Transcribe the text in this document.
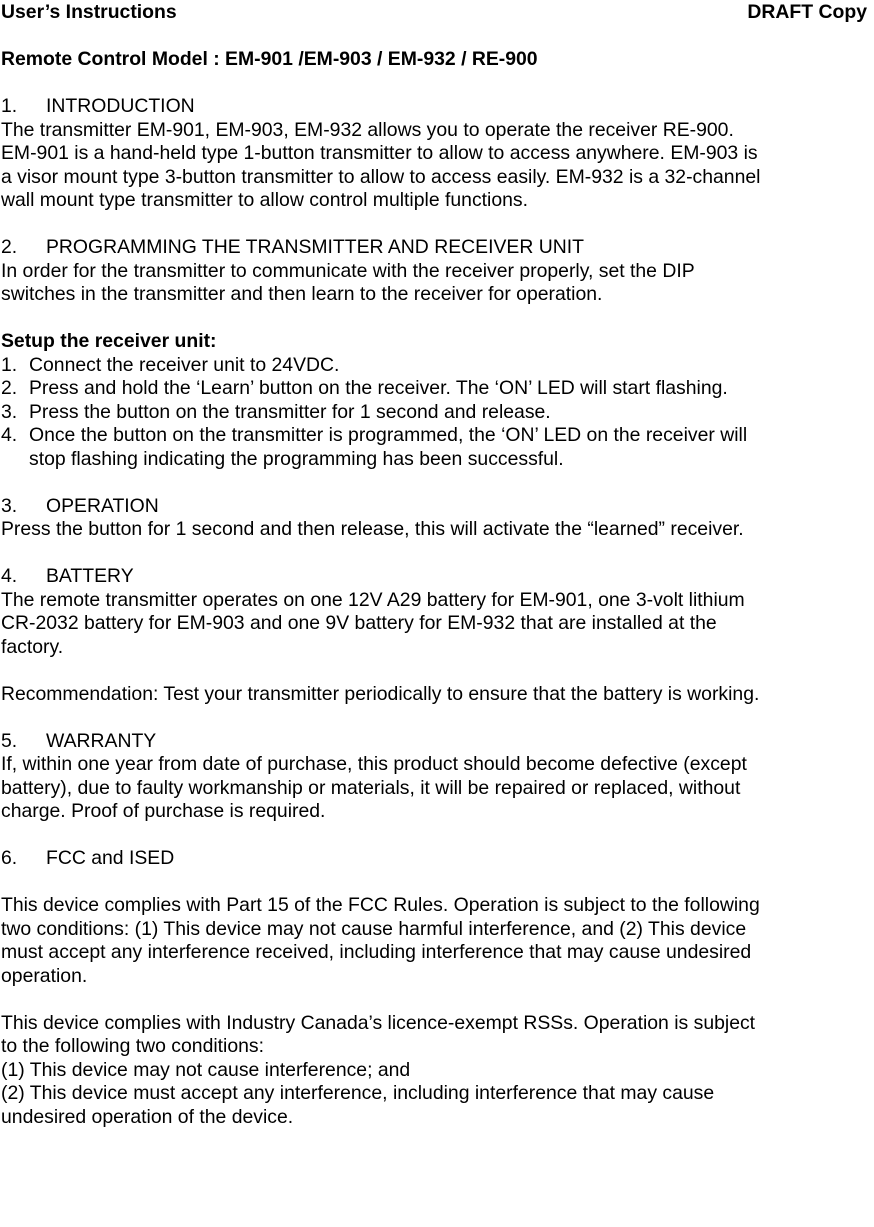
User’s Instructions	DRAFT Copy
Remote Control Model : EM-901 /EM-903 / EM-932 / RE-900
1.	INTRODUCTION
The transmitter EM-901, EM-903, EM-932 allows you to operate the receiver RE-900.
EM-901 is a hand-held type 1-button transmitter to allow to access anywhere. EM-903 is
a visor mount type 3-button transmitter to allow to access easily. EM-932 is a 32-channel
wall mount type transmitter to allow control multiple functions.
2.	PROGRAMMING THE TRANSMITTER AND RECEIVER UNIT
In order for the transmitter to communicate with the receiver properly, set the DIP
switches in the transmitter and then learn to the receiver for operation.
Setup the receiver unit:
1. Connect the receiver unit to 24VDC.
2. Press and hold the ‘Learn’ button on the receiver. The ‘ON’ LED will start flashing.
3. Press the button on the transmitter for 1 second and release.
4. Once the button on the transmitter is programmed, the ‘ON’ LED on the receiver will
stop flashing indicating the programming has been successful.
3.	OPERATION
Press the button for 1 second and then release, this will activate the “learned” receiver.
4.	BATTERY
The remote transmitter operates on one 12V A29 battery for EM-901, one 3-volt lithium
CR-2032 battery for EM-903 and one 9V battery for EM-932 that are installed at the
factory.
Recommendation: Test your transmitter periodically to ensure that the battery is working.
5.	WARRANTY
If, within one year from date of purchase, this product should become defective (except
battery), due to faulty workmanship or materials, it will be repaired or replaced, without
charge. Proof of purchase is required.
6.	FCC and ISED
This device complies with Part 15 of the FCC Rules. Operation is subject to the following
two conditions: (1) This device may not cause harmful interference, and (2) This device
must accept any interference received, including interference that may cause undesired
operation.
This device complies with Industry Canada’s licence-exempt RSSs. Operation is subject
to the following two conditions:
(1) This device may not cause interference; and
(2) This device must accept any interference, including interference that may cause
undesired operation of the device.
